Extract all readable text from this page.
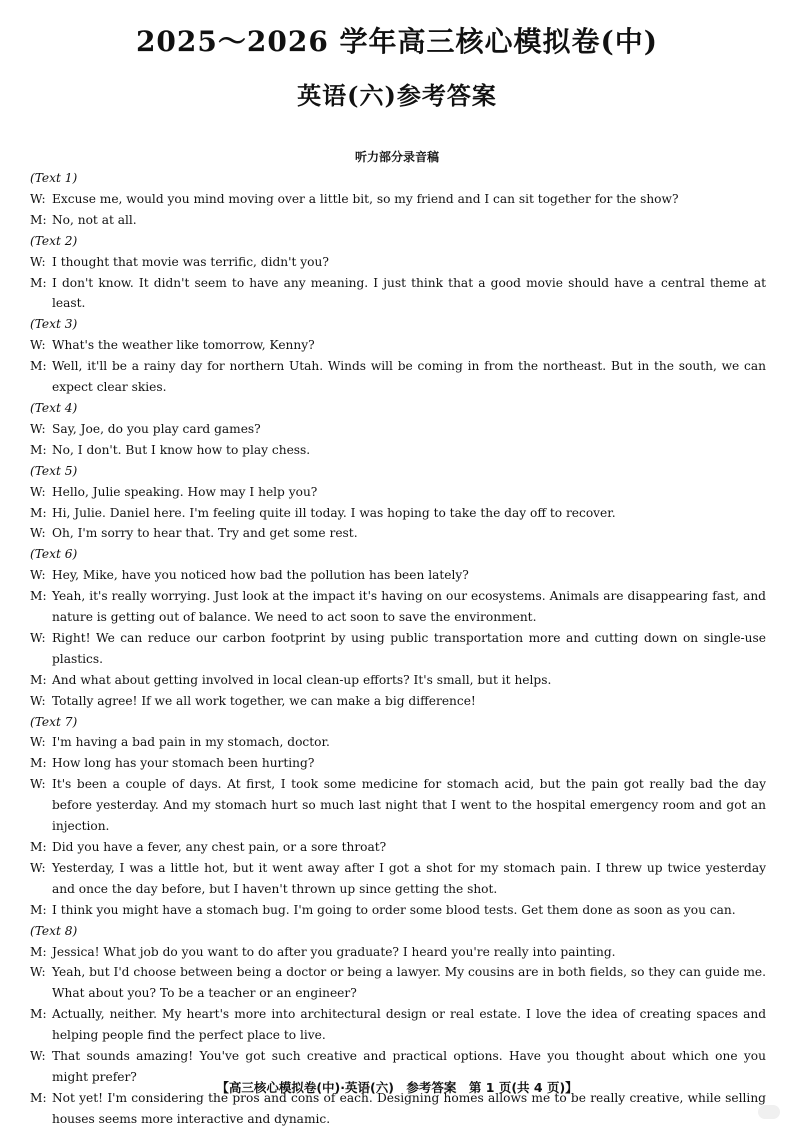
2025～2026 学年高三核心模拟卷(中)
英语(六)参考答案
听力部分录音稿
(Text 1)
W: Excuse me, would you mind moving over a little bit, so my friend and I can sit together for the show?
M: No, not at all.
(Text 2)
W: I thought that movie was terrific, didn't you?
M: I don't know. It didn't seem to have any meaning. I just think that a good movie should have a central theme at least.
(Text 3)
W: What's the weather like tomorrow, Kenny?
M: Well, it'll be a rainy day for northern Utah. Winds will be coming in from the northeast. But in the south, we can expect clear skies.
(Text 4)
W: Say, Joe, do you play card games?
M: No, I don't. But I know how to play chess.
(Text 5)
W: Hello, Julie speaking. How may I help you?
M: Hi, Julie. Daniel here. I'm feeling quite ill today. I was hoping to take the day off to recover.
W: Oh, I'm sorry to hear that. Try and get some rest.
(Text 6)
W: Hey, Mike, have you noticed how bad the pollution has been lately?
M: Yeah, it's really worrying. Just look at the impact it's having on our ecosystems. Animals are disappearing fast, and nature is getting out of balance. We need to act soon to save the environment.
W: Right! We can reduce our carbon footprint by using public transportation more and cutting down on single-use plastics.
M: And what about getting involved in local clean-up efforts? It's small, but it helps.
W: Totally agree! If we all work together, we can make a big difference!
(Text 7)
W: I'm having a bad pain in my stomach, doctor.
M: How long has your stomach been hurting?
W: It's been a couple of days. At first, I took some medicine for stomach acid, but the pain got really bad the day before yesterday. And my stomach hurt so much last night that I went to the hospital emergency room and got an injection.
M: Did you have a fever, any chest pain, or a sore throat?
W: Yesterday, I was a little hot, but it went away after I got a shot for my stomach pain. I threw up twice yesterday and once the day before, but I haven't thrown up since getting the shot.
M: I think you might have a stomach bug. I'm going to order some blood tests. Get them done as soon as you can.
(Text 8)
M: Jessica! What job do you want to do after you graduate? I heard you're really into painting.
W: Yeah, but I'd choose between being a doctor or being a lawyer. My cousins are in both fields, so they can guide me. What about you? To be a teacher or an engineer?
M: Actually, neither. My heart's more into architectural design or real estate. I love the idea of creating spaces and helping people find the perfect place to live.
W: That sounds amazing! You've got such creative and practical options. Have you thought about which one you might prefer?
M: Not yet! I'm considering the pros and cons of each. Designing homes allows me to be really creative, while selling houses seems more interactive and dynamic.
【高三核心模拟卷(中)·英语(六)　参考答案　第 1 页(共 4 页)】
